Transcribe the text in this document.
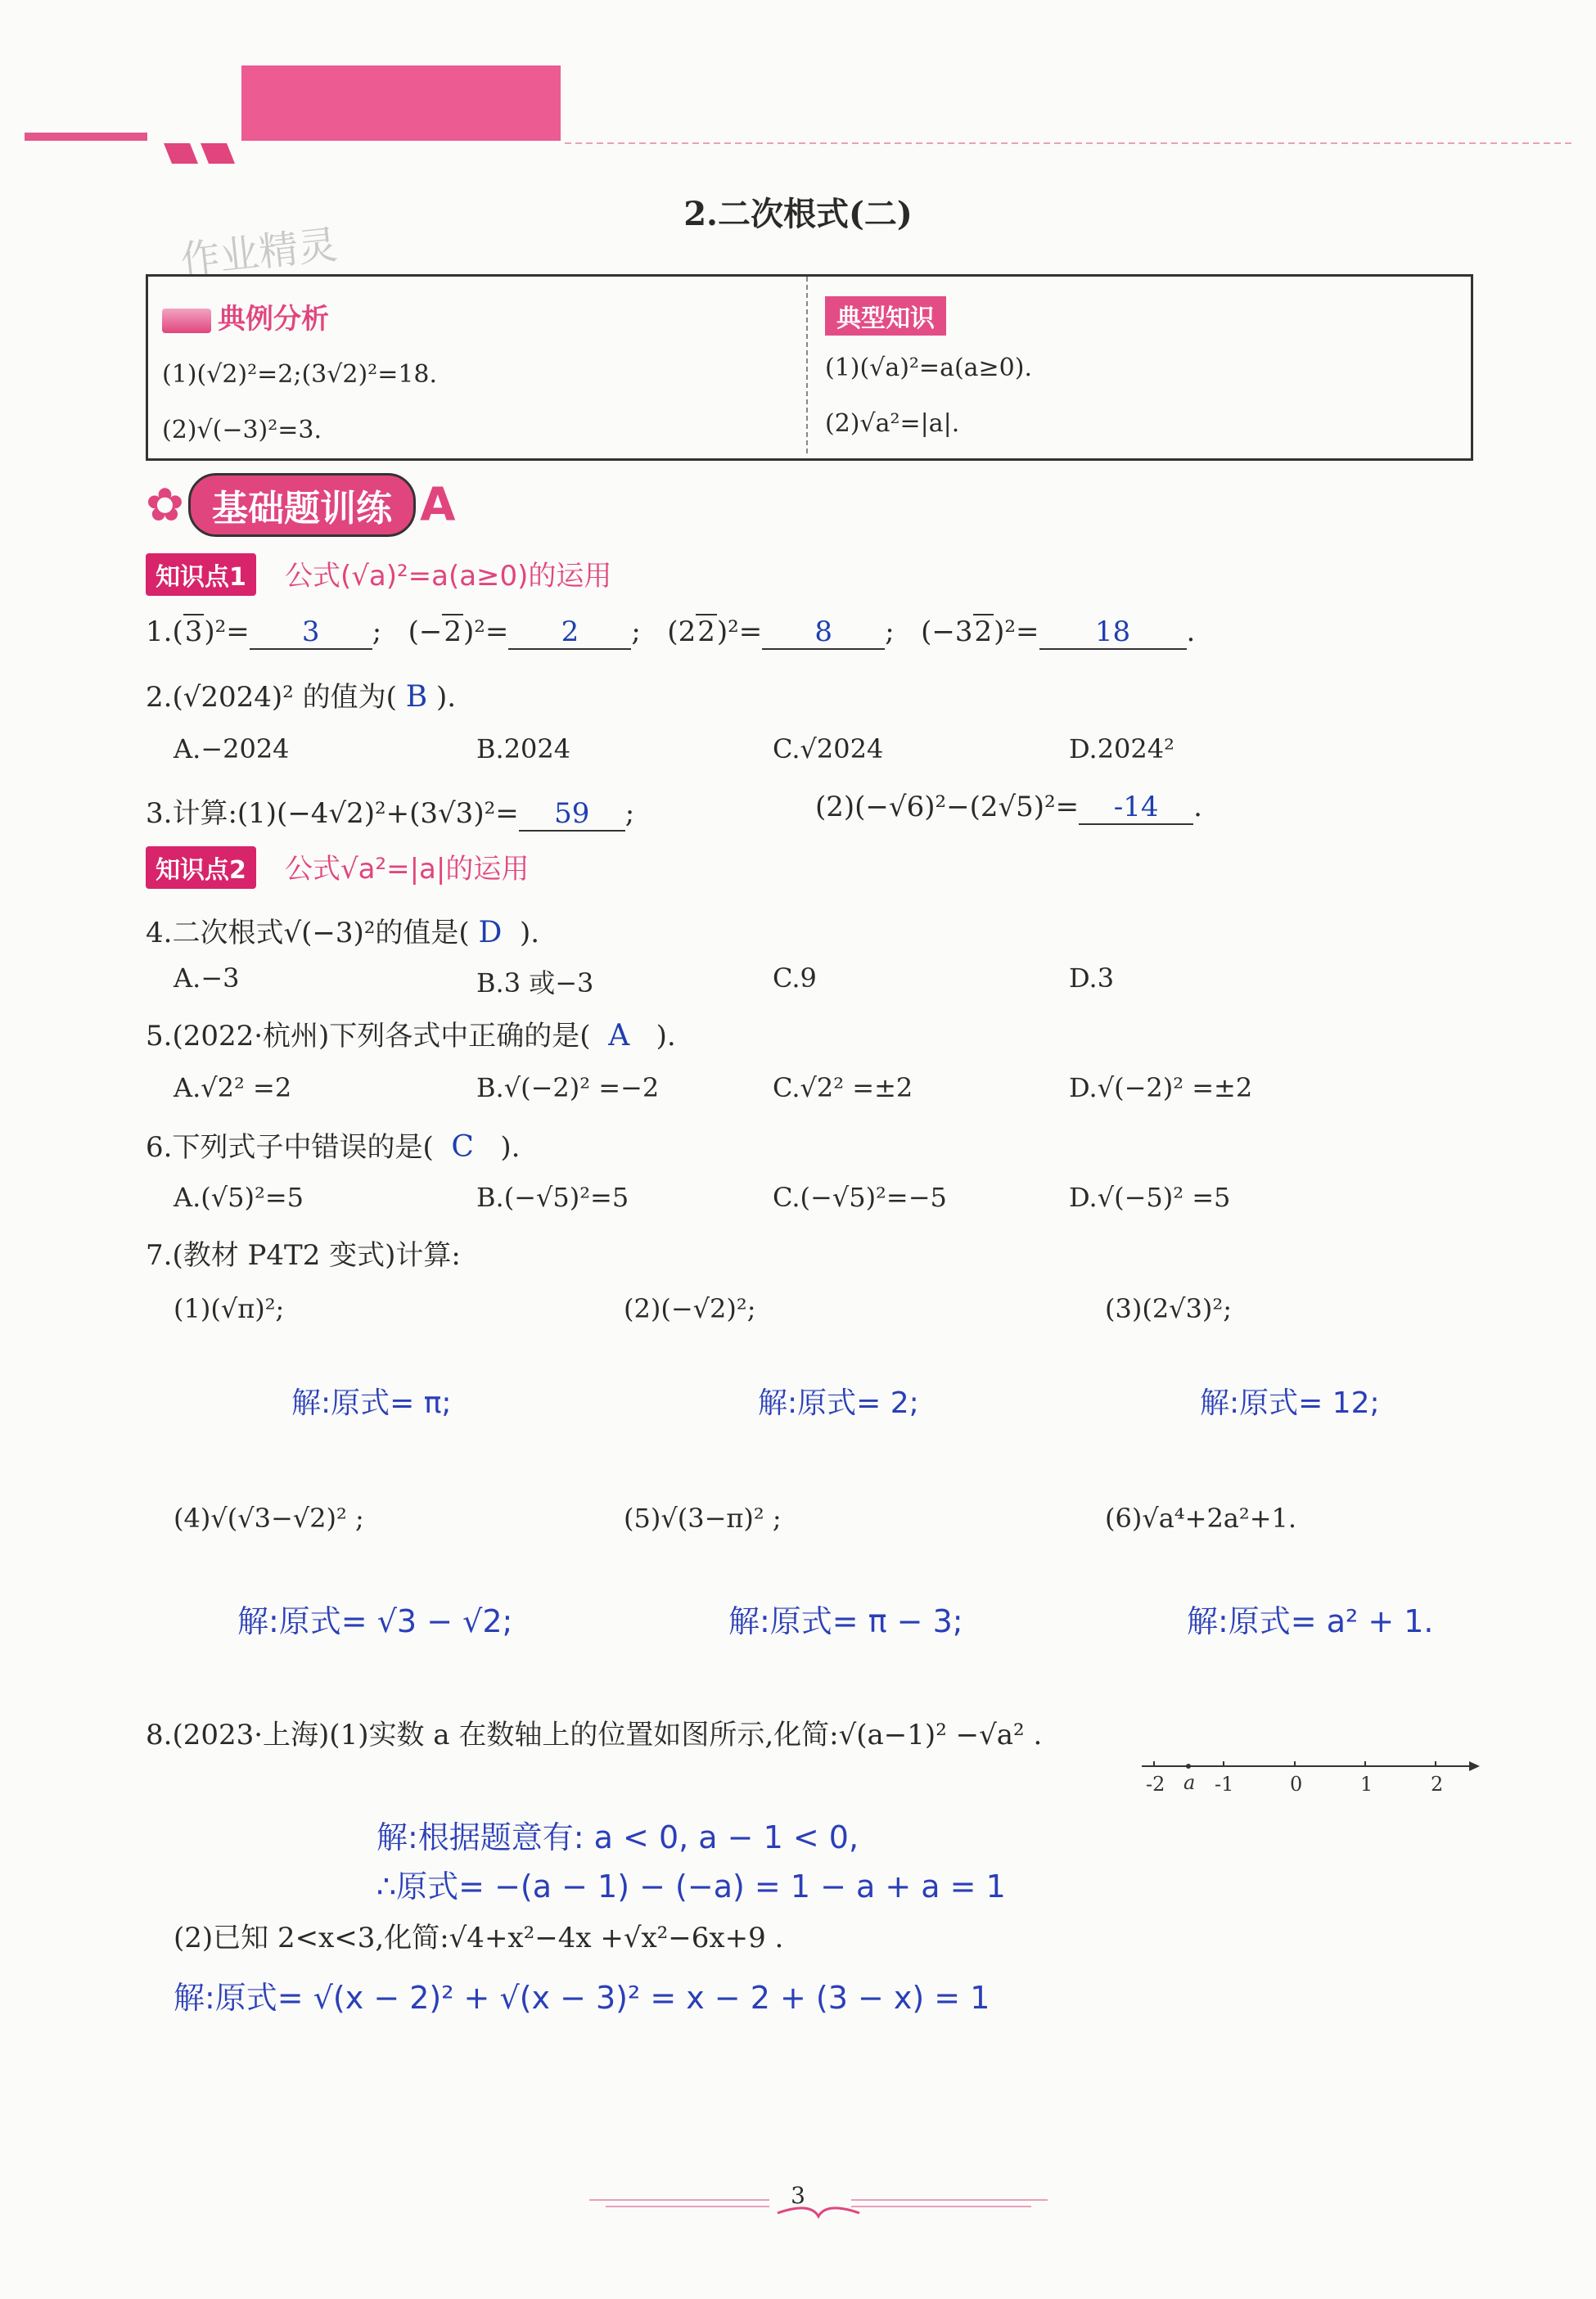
2.二次根式(二)
作业精灵
典例分析
(1)(√2)²=2;(3√2)²=18.
(2)√(−3)²=3.
典型知识
(1)(√a)²=a(a≥0).
(2)√a²=|a|.
✿ 基础题训练 A
知识点1 公式(√a)²=a(a≥0)的运用
1.(3)²= 3 ;   (−2)²= 2 ;   (22)²= 8 ;   (−32)²= 18 .
2.(√2024)² 的值为( B ).
A.−2024	B.2024	C.√2024	D.2024²
3.计算:(1)(−4√2)²+(3√3)²= 59 ;	(2)(−√6)²−(2√5)²= -14 .
知识点2 公式√a²=|a|的运用
4.二次根式√(−3)²的值是( D ).
A.−3	B.3 或−3	C.9	D.3
5.(2022·杭州)下列各式中正确的是( A ).
A.√2² =2	B.√(−2)² =−2	C.√2² =±2	D.√(−2)² =±2
6.下列式子中错误的是( C ).
A.(√5)²=5	B.(−√5)²=5	C.(−√5)²=−5	D.√(−5)² =5
7.(教材 P4T2 变式)计算:
(1)(√π)²;	(2)(−√2)²;	(3)(2√3)²;
解:原式= π;	解:原式= 2;	解:原式= 12;
(4)√(√3−√2)² ;	(5)√(3−π)² ;	(6)√a⁴+2a²+1.
解:原式= √3 − √2;	解:原式= π − 3;	解:原式= a² + 1.
8.(2023·上海)(1)实数 a 在数轴上的位置如图所示,化简:√(a−1)² −√a² .
-2 a -1	0	1	2
解:根据题意有: a < 0, a − 1 < 0,
∴原式= −(a − 1) − (−a) = 1 − a + a = 1
(2)已知 2<x<3,化简:√4+x²−4x +√x²−6x+9 .
解:原式= √(x − 2)² + √(x − 3)² = x − 2 + (3 − x) = 1
3
